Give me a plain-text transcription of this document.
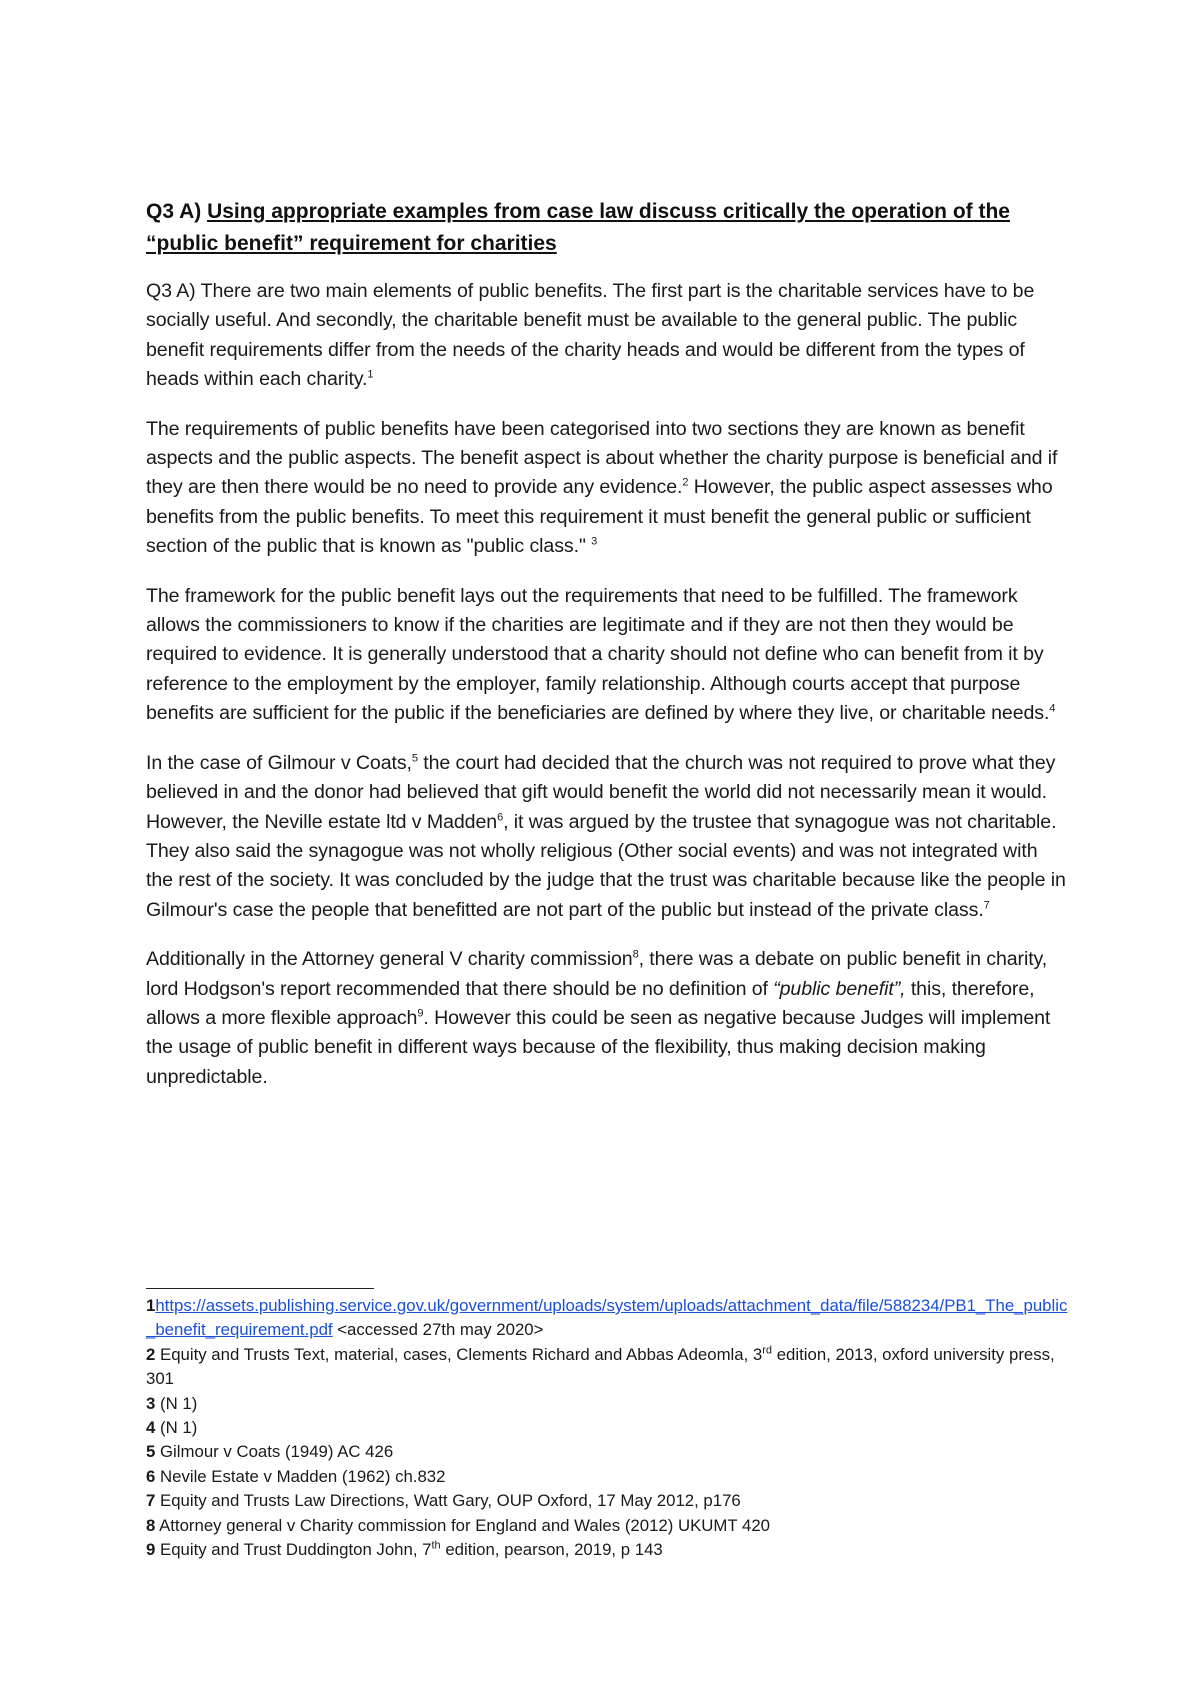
Q3 A) Using appropriate examples from case law discuss critically the operation of the “public benefit” requirement for charities

Q3 A) There are two main elements of public benefits. The first part is the charitable services have to be socially useful. And secondly, the charitable benefit must be available to the general public. The public benefit requirements differ from the needs of the charity heads and would be different from the types of heads within each charity.$^1$

The requirements of public benefits have been categorised into two sections they are known as benefit aspects and the public aspects. The benefit aspect is about whether the charity purpose is beneficial and if they are then there would be no need to provide any evidence.$^2$ However, the public aspect assesses who benefits from the public benefits. To meet this requirement it must benefit the general public or sufficient section of the public that is known as "public class." $^3$

The framework for the public benefit lays out the requirements that need to be fulfilled. The framework allows the commissioners to know if the charities are legitimate and if they are not then they would be required to evidence. It is generally understood that a charity should not define who can benefit from it by reference to the employment by the employer, family relationship. Although courts accept that purpose benefits are sufficient for the public if the beneficiaries are defined by where they live, or charitable needs.$^4$

In the case of Gilmour v Coats,$^5$ the court had decided that the church was not required to prove what they believed in and the donor had believed that gift would benefit the world did not necessarily mean it would. However, the Neville estate ltd v Madden$^6$, it was argued by the trustee that synagogue was not charitable. They also said the synagogue was not wholly religious (Other social events) and was not integrated with the rest of the society. It was concluded by the judge that the trust was charitable because like the people in Gilmour's case the people that benefitted are not part of the public but instead of the private class.$^7$

Additionally in the Attorney general V charity commission$^8$, there was a debate on public benefit in charity, lord Hodgson's report recommended that there should be no definition of “public benefit”, this, therefore, allows a more flexible approach$^9$. However this could be seen as negative because Judges will implement the usage of public benefit in different ways because of the flexibility, thus making decision making unpredictable.

1https://assets.publishing.service.gov.uk/government/uploads/system/uploads/attachment_data/file/588234/PB1_The_public_benefit_requirement.pdf <accessed 27th may 2020>

2 Equity and Trusts Text, material, cases, Clements Richard and Abbas Adeomla, 3rd edition, 2013, oxford university press, 301

3 (N 1)

4 (N 1)

5 Gilmour v Coats (1949) AC 426

6 Nevile Estate v Madden (1962) ch.832

7 Equity and Trusts Law Directions, Watt Gary, OUP Oxford, 17 May 2012, p176

8 Attorney general v Charity commission for England and Wales (2012) UKUMT 420

9 Equity and Trust Duddington John, 7th edition, pearson, 2019, p 143
